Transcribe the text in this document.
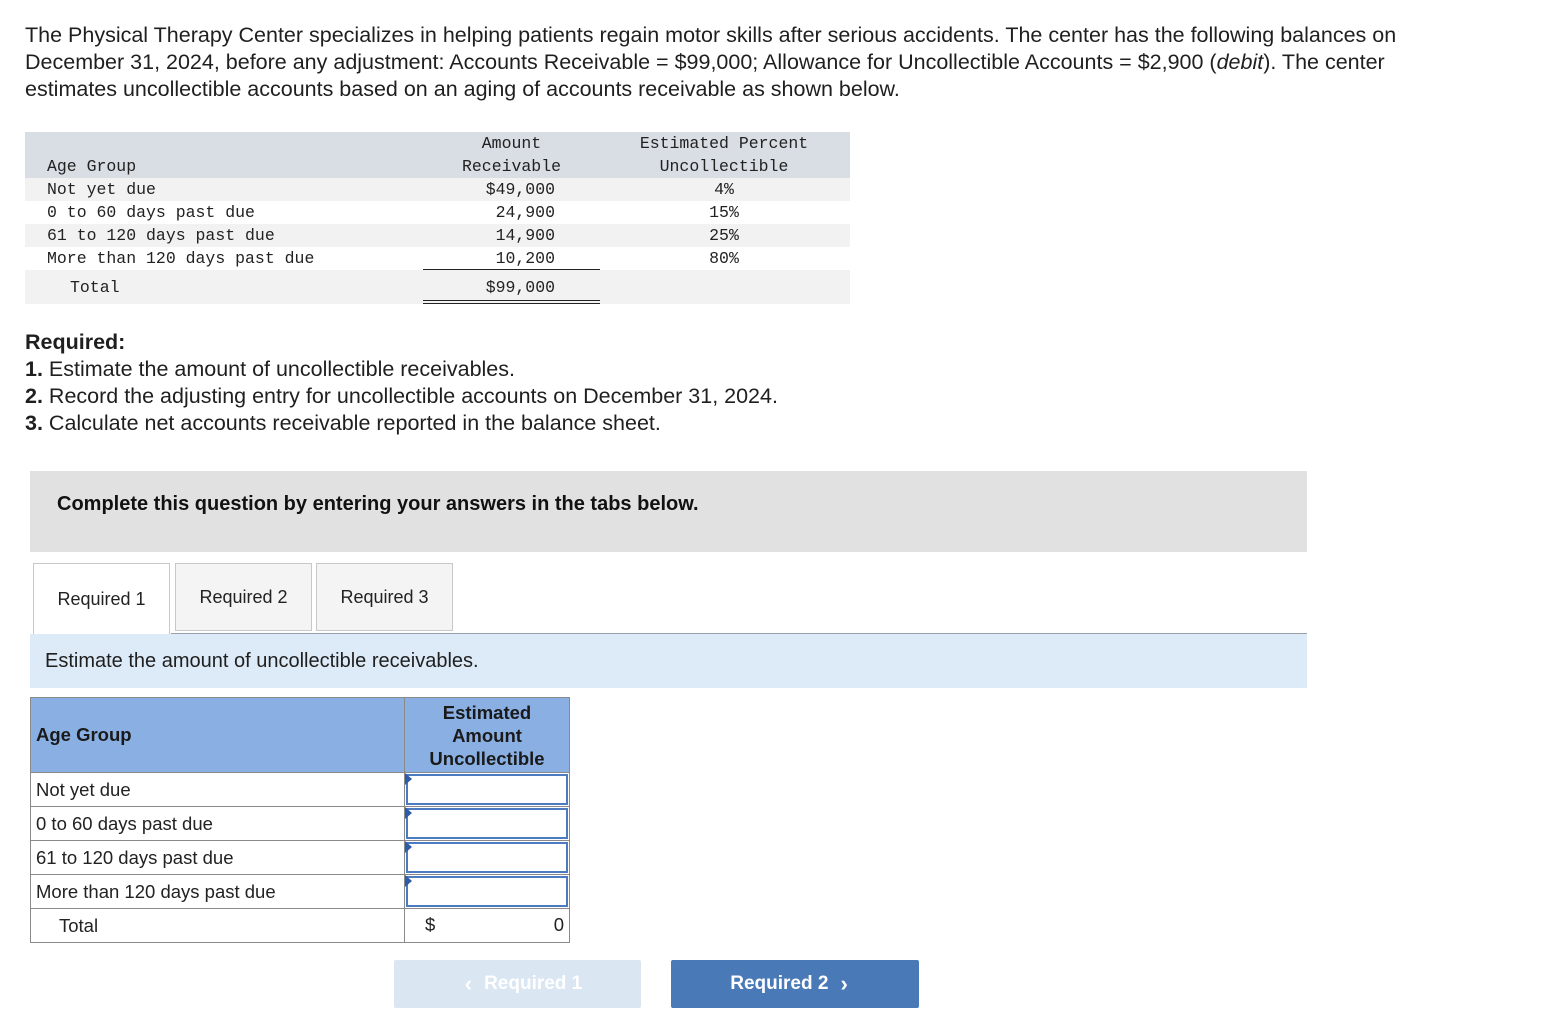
The Physical Therapy Center specializes in helping patients regain motor skills after serious accidents. The center has the following balances on December 31, 2024, before any adjustment: Accounts Receivable = $99,000; Allowance for Uncollectible Accounts = $2,900 (debit). The center estimates uncollectible accounts based on an aging of accounts receivable as shown below.
Amount	Estimated Percent
Age Group	Receivable	Uncollectible
Not yet due	$49,000	4%
0 to 60 days past due	24,900	15%
61 to 120 days past due	14,900	25%
More than 120 days past due	10,200	80%
Total	$99,000
Required:
1. Estimate the amount of uncollectible receivables.
2. Record the adjusting entry for uncollectible accounts on December 31, 2024.
3. Calculate net accounts receivable reported in the balance sheet.
Complete this question by entering your answers in the tabs below.
Required 1	Required 2	Required 3
Estimate the amount of uncollectible receivables.
Age Group	Estimated
Amount
Uncollectible

Not yet due	

0 to 60 days past due	

61 to 120 days past due	

More than 120 days past due	

Total	$ 0
‹ Required 1	Required 2 ›
